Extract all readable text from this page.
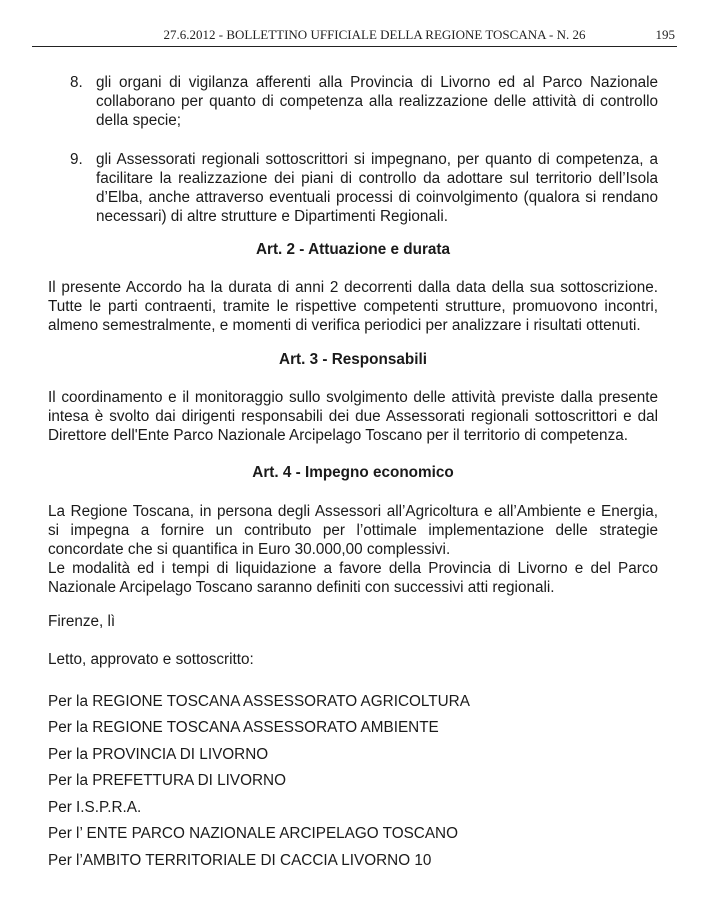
27.6.2012 - BOLLETTINO UFFICIALE DELLA REGIONE TOSCANA - N. 26	195
8. gli organi di vigilanza afferenti alla Provincia di Livorno ed al Parco Nazionale collaborano per quanto di competenza alla realizzazione delle attività di controllo della specie;
9. gli Assessorati regionali sottoscrittori si impegnano, per quanto di competenza, a facilitare la realizzazione dei piani di controllo da adottare sul territorio dell’Isola d’Elba, anche attraverso eventuali processi di coinvolgimento (qualora si rendano necessari) di altre strutture e Dipartimenti Regionali.
Art. 2 - Attuazione e durata

Il presente Accordo ha la durata di anni 2 decorrenti dalla data della sua sottoscrizione. Tutte le parti contraenti, tramite le rispettive competenti strutture, promuovono incontri, almeno semestralmente, e momenti di verifica periodici per analizzare i risultati ottenuti.

Art. 3 - Responsabili

Il coordinamento e il monitoraggio sullo svolgimento delle attività previste dalla presente intesa è svolto dai dirigenti responsabili dei due Assessorati regionali sottoscrittori e dal Direttore dell'Ente Parco Nazionale Arcipelago Toscano per il territorio di competenza.

Art. 4 - Impegno economico

La Regione Toscana, in persona degli Assessori all’Agricoltura e all’Ambiente e Energia, si impegna a fornire un contributo per l’ottimale implementazione delle strategie concordate che si quantifica in Euro 30.000,00 complessivi.

Le modalità ed i tempi di liquidazione a favore della Provincia di Livorno e del Parco Nazionale Arcipelago Toscano saranno definiti con successivi atti regionali.

Firenze, lì
Letto, approvato e sottoscritto:
Per la REGIONE TOSCANA ASSESSORATO AGRICOLTURA
Per la REGIONE TOSCANA ASSESSORATO AMBIENTE
Per la PROVINCIA DI LIVORNO
Per la PREFETTURA DI LIVORNO
Per I.S.P.R.A.
Per l’ ENTE PARCO NAZIONALE ARCIPELAGO TOSCANO
Per l’AMBITO TERRITORIALE DI CACCIA LIVORNO 10
